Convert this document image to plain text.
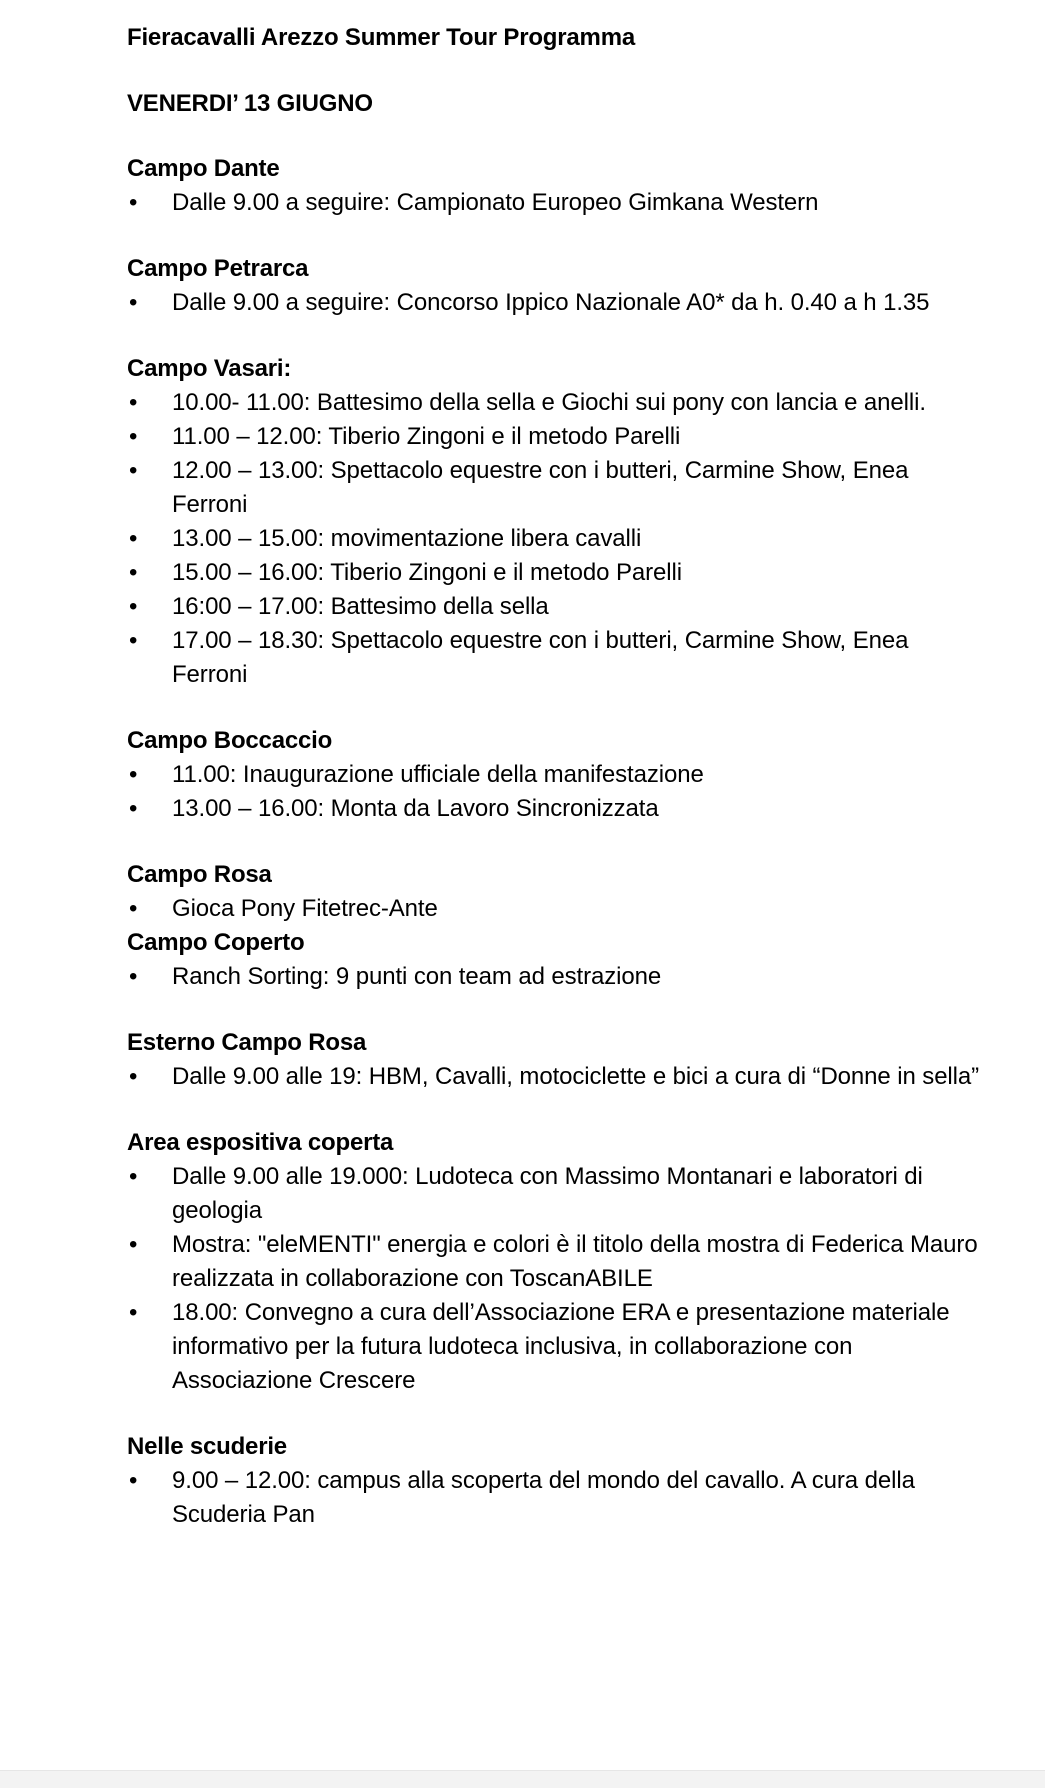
Fieracavalli Arezzo Summer Tour Programma
VENERDI’ 13 GIUGNO
Campo Dante
• Dalle 9.00 a seguire: Campionato Europeo Gimkana Western
Campo Petrarca
• Dalle 9.00 a seguire: Concorso Ippico Nazionale A0* da h. 0.40 a h 1.35
Campo Vasari:
• 10.00- 11.00: Battesimo della sella e Giochi sui pony con lancia e anelli.
• 11.00 – 12.00: Tiberio Zingoni e il metodo Parelli
• 12.00 – 13.00: Spettacolo equestre con i butteri, Carmine Show, Enea Ferroni
• 13.00 – 15.00: movimentazione libera cavalli
• 15.00 – 16.00: Tiberio Zingoni e il metodo Parelli
• 16:00 – 17.00: Battesimo della sella
• 17.00 – 18.30: Spettacolo equestre con i butteri, Carmine Show, Enea Ferroni
Campo Boccaccio
• 11.00: Inaugurazione ufficiale della manifestazione
• 13.00 – 16.00: Monta da Lavoro Sincronizzata
Campo Rosa
• Gioca Pony Fitetrec-Ante
Campo Coperto
• Ranch Sorting: 9 punti con team ad estrazione
Esterno Campo Rosa
• Dalle 9.00 alle 19: HBM, Cavalli, motociclette e bici a cura di “Donne in sella”
Area espositiva coperta
• Dalle 9.00 alle 19.000: Ludoteca con Massimo Montanari e laboratori di geologia
• Mostra: "eleMENTI" energia e colori è il titolo della mostra di Federica Mauro realizzata in collaborazione con ToscanABILE
• 18.00: Convegno a cura dell’Associazione ERA e presentazione materiale informativo per la futura ludoteca inclusiva, in collaborazione con Associazione Crescere
Nelle scuderie
• 9.00 – 12.00: campus alla scoperta del mondo del cavallo. A cura della Scuderia Pan
